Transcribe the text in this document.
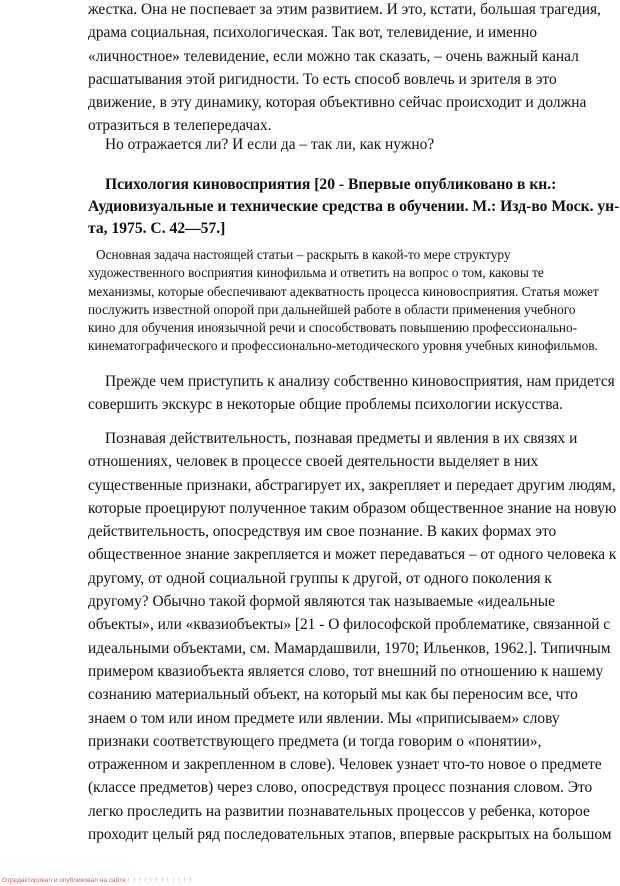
жестка. Она не поспевает за этим развитием. И это, кстати, большая трагедия,
драма социальная, психологическая. Так вот, телевидение, и именно
«личностное» телевидение, если можно так сказать, – очень важный канал
расшатывания этой ригидности. То есть способ вовлечь и зрителя в это
движение, в эту динамику, которая объективно сейчас происходит и должна
отразиться в телепередачах.
Но отражается ли? И если да – так ли, как нужно?
Психология киновосприятия [20 - Впервые опубликовано в кн.:
Аудиовизуальные и технические средства в обучении. М.: Изд-во Моск. ун-
та, 1975. С. 42—57.]
Основная задача настоящей статьи – раскрыть в какой-то мере структуру
художественного восприятия кинофильма и ответить на вопрос о том, каковы те
механизмы, которые обеспечивают адекватность процесса киновосприятия. Статья может
послужить известной опорой при дальнейшей работе в области применения учебного
кино для обучения иноязычной речи и способствовать повышению профессионально-
кинематографического и профессионально-методического уровня учебных кинофильмов.
Прежде чем приступить к анализу собственно киновосприятия, нам придется
совершить экскурс в некоторые общие проблемы психологии искусства.
Познавая действительность, познавая предметы и явления в их связях и
отношениях, человек в процессе своей деятельности выделяет в них
существенные признаки, абстрагирует их, закрепляет и передает другим людям,
которые проецируют полученное таким образом общественное знание на новую
действительность, опосредствуя им свое познание. В каких формах это
общественное знание закрепляется и может передаваться – от одного человека к
другому, от одной социальной группы к другой, от одного поколения к
другому? Обычно такой формой являются так называемые «идеальные
объекты», или «квазиобъекты» [21 - О философской проблематике, связанной с
идеальными объектами, см. Мамардашвили, 1970; Ильенков, 1962.]. Типичным
примером квазиобъекта является слово, тот внешний по отношению к нашему
сознанию материальный объект, на который мы как бы переносим все, что
знаем о том или ином предмете или явлении. Мы «приписываем» слову
признаки соответствующего предмета (и тогда говорим о «понятии»,
отраженном и закрепленном в слове). Человек узнает что-то новое о предмете
(классе предметов) через слово, опосредствуя процесс познания словом. Это
легко проследить на развитии познавательных процессов у ребенка, которое
проходит целый ряд последовательных этапов, впервые раскрытых на большом
Отредактировал и опубликовал на сайте ! ! ! ! ! ! ! ! ! ! ! !
